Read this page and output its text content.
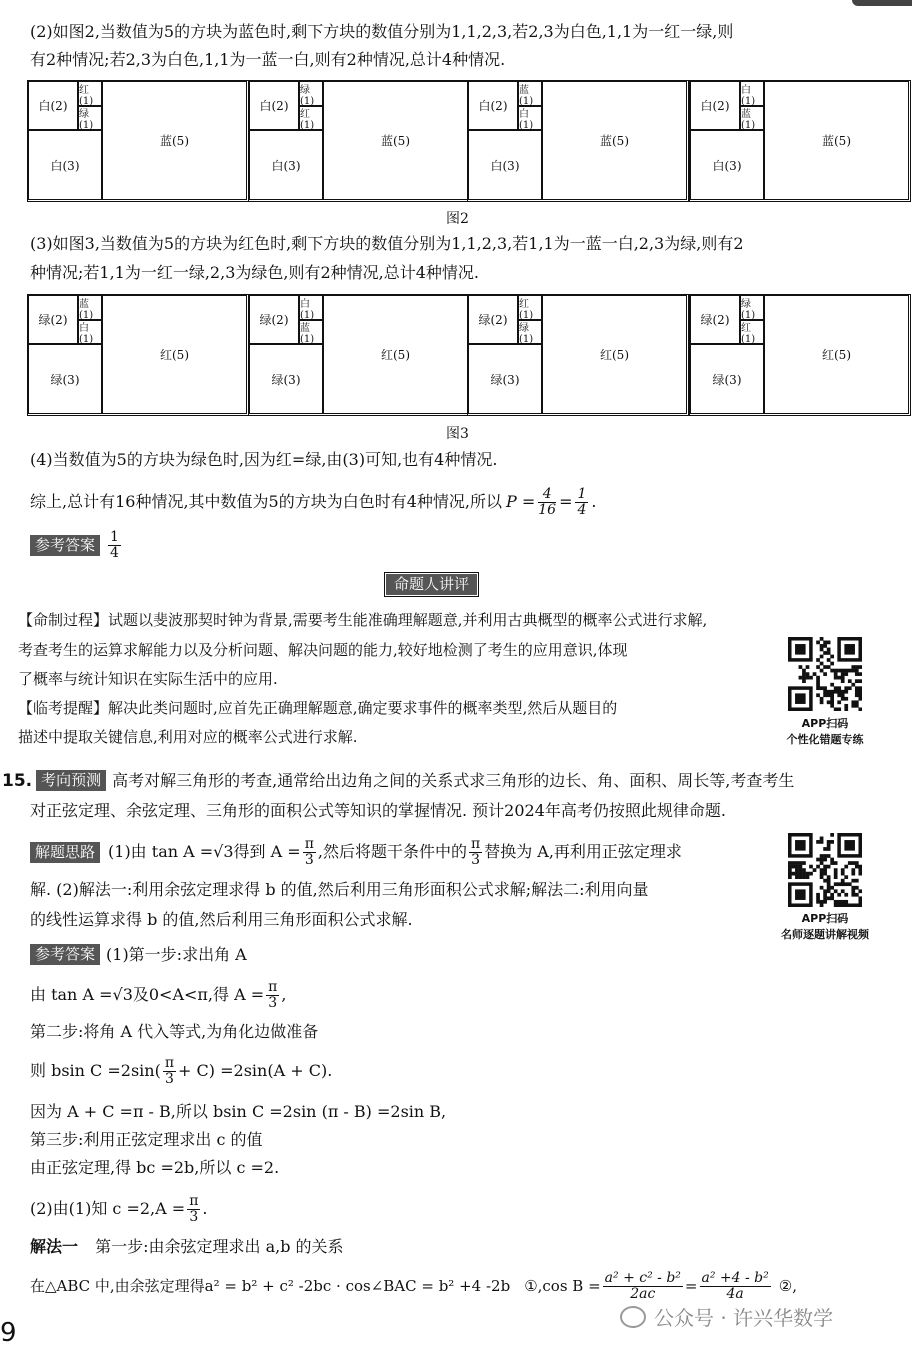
(2)如图2,当数值为5的方块为蓝色时,剩下方块的数值分别为1,1,2,3,若2,3为白色,1,1为一红一绿,则
有2种情况;若2,3为白色,1,1为一蓝一白,则有2种情况,总计4种情况.
白(2)
红(1)
绿(1)
白(3)
蓝(5)
白(2)
绿(1)
红(1)
白(3)
蓝(5)
白(2)
蓝(1)
白(1)
白(3)
蓝(5)
白(2)
白(1)
蓝(1)
白(3)
蓝(5)
图2
(3)如图3,当数值为5的方块为红色时,剩下方块的数值分别为1,1,2,3,若1,1为一蓝一白,2,3为绿,则有2
种情况;若1,1为一红一绿,2,3为绿色,则有2种情况,总计4种情况.
绿(2)
蓝(1)
白(1)
绿(3)
红(5)
绿(2)
白(1)
蓝(1)
绿(3)
红(5)
绿(2)
红(1)
绿(1)
绿(3)
红(5)
绿(2)
绿(1)
红(1)
绿(3)
红(5)
图3
(4)当数值为5的方块为绿色时,因为红=绿,由(3)可知,也有4种情况.
综上,总计有16种情况,其中数值为5的方块为白色时有4种情况,所以 $P = \frac{4}{16} = \frac{1}{4}$ .
参考答案 $\frac{1}{4}$
命题人讲评
【命制过程】试题以斐波那契时钟为背景,需要考生能准确理解题意,并利用古典概型的概率公式进行求解,
考查考生的运算求解能力以及分析问题、解决问题的能力,较好地检测了考生的应用意识,体现
了概率与统计知识在实际生活中的应用.
【临考提醒】解决此类问题时,应首先正确理解题意,确定要求事件的概率类型,然后从题目的
描述中提取关键信息,利用对应的概率公式进行求解.
APP扫码
个性化错题专练
15. 考向预测 高考对解三角形的考查,通常给出边角之间的关系式求三角形的边长、角、面积、周长等,考查考生
对正弦定理、余弦定理、三角形的面积公式等知识的掌握情况. 预计2024年高考仍按照此规律命题.
解题思路 (1)由 tan A =√3得到 $A = \frac{\pi}{3}$ ,然后将题干条件中的 $\frac{\pi}{3}$ 替换为 A,再利用正弦定理求
解. (2)解法一:利用余弦定理求得 b 的值,然后利用三角形面积公式求解;解法二:利用向量
的线性运算求得 b 的值,然后利用三角形面积公式求解.	APP扫码
名师逐题讲解视频
参考答案 (1)第一步:求出角 A
由 tan A =√3及0<A<π,得 $A = \frac{\pi}{3}$ ,
第二步:将角 A 代入等式,为角化边做准备
则 bsin $C =2\sin( \frac{\pi}{3} + C) =2\sin(A + C)$.
因为 A + C =π - B,所以 bsin C =2sin (π - B) =2sin B,
第三步:利用正弦定理求出 c 的值
由正弦定理,得 bc =2b,所以 c =2.
(2)由(1)知 $c =2,A = \frac{\pi}{3}$ .
解法一 第一步:由余弦定理求出 a,b 的关系
在△ABC 中,由余弦定理得a² = b² + c² -2bc · cos∠BAC = b² +4 -2b ①,cos $B = \frac{\text{a² + c² - b²}}{2ac} = \frac{\text{a² +4 - b²}}{4a}$ ②,
9	公众号 · 许兴华数学
